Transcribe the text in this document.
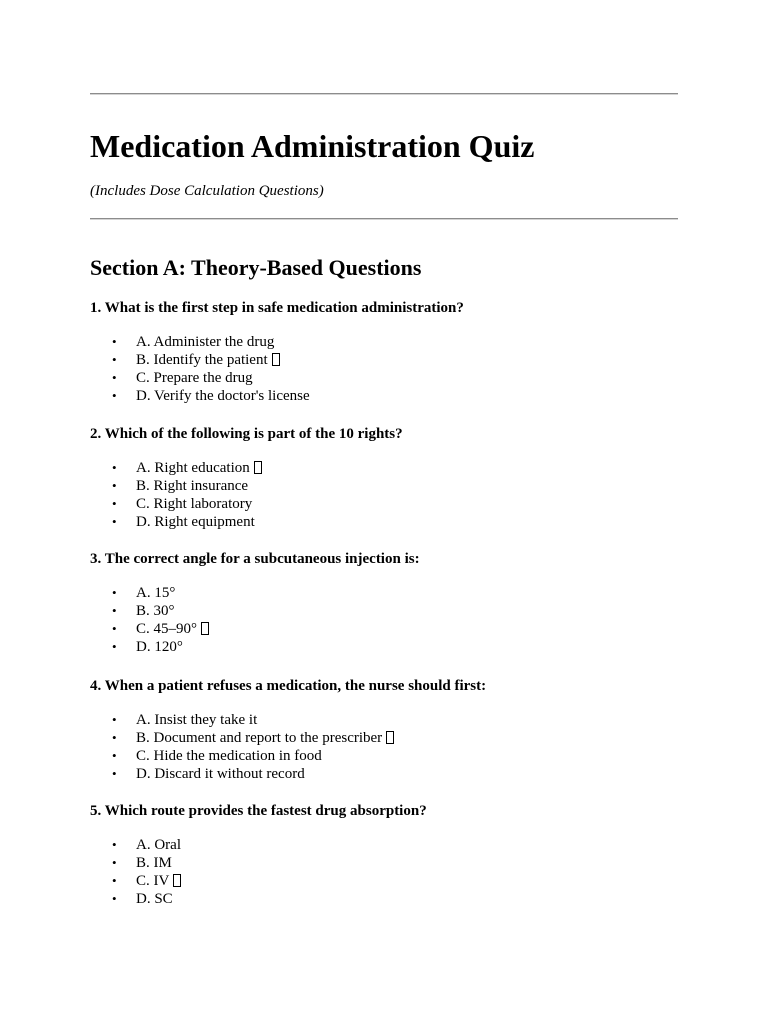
Medication Administration Quiz

(Includes Dose Calculation Questions)

Section A: Theory-Based Questions

1. What is the first step in safe medication administration?

• A. Administer the drug
• B. Identify the patient
• C. Prepare the drug
• D. Verify the doctor's license

2. Which of the following is part of the 10 rights?

• A. Right education
• B. Right insurance
• C. Right laboratory
• D. Right equipment

3. The correct angle for a subcutaneous injection is:

• A. 15°
• B. 30°
• C. 45–90°
• D. 120°

4. When a patient refuses a medication, the nurse should first:

• A. Insist they take it
• B. Document and report to the prescriber
• C. Hide the medication in food
• D. Discard it without record

5. Which route provides the fastest drug absorption?

• A. Oral
• B. IM
• C. IV
• D. SC
